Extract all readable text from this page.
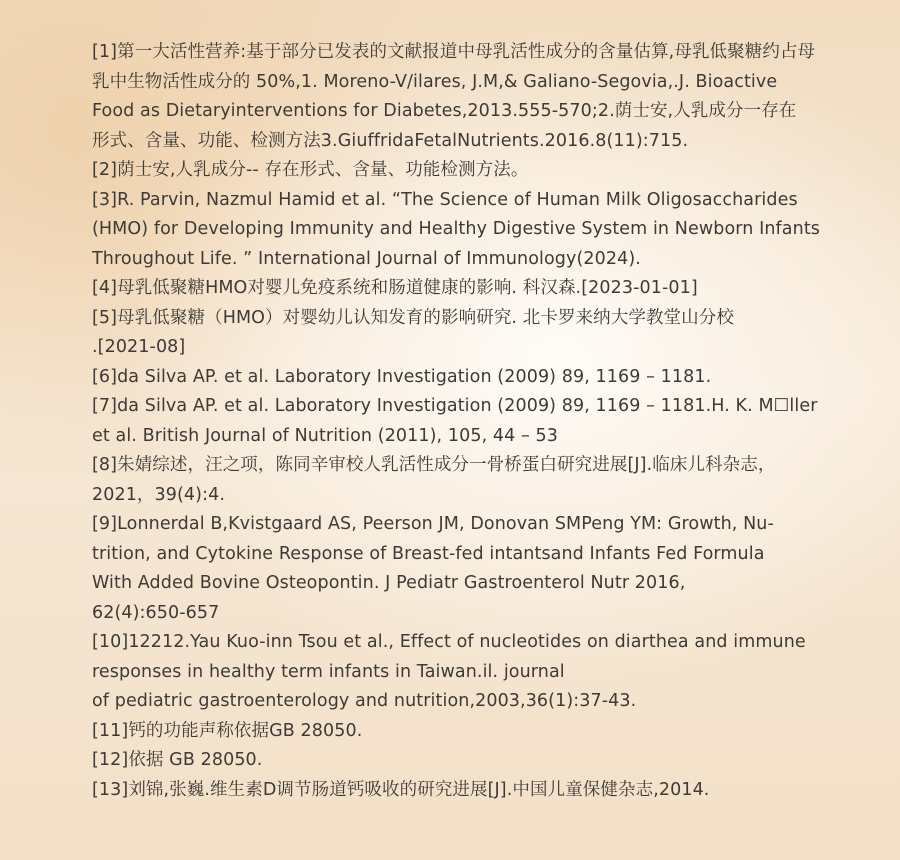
[1]第一大活性营养:基于部分已发表的文献报道中母乳活性成分的含量估算,母乳低聚糖约占母
乳中生物活性成分的 50%,1. Moreno-V/ilares, J.M,& Galiano-Segovia,.J. Bioactive
Food as Dietaryinterventions for Diabetes,2013.555-570;2.荫士安,人乳成分一存在
形式、含量、功能、检测方法3.GiuffridaFetalNutrients.2016.8(11):715.
[2]荫士安,人乳成分-- 存在形式、含量、功能检测方法。
[3]R. Parvin, Nazmul Hamid et al. “The Science of Human Milk Oligosaccharides
(HMO) for Developing Immunity and Healthy Digestive System in Newborn Infants
Throughout Life. ” International Journal of Immunology(2024).
[4]母乳低聚糖HMO对婴儿免疫系统和肠道健康的影响. 科汉森.[2023-01-01]
[5]母乳低聚糖（HMO）对婴幼儿认知发育的影响研究. 北卡罗来纳大学教堂山分校
.[2021-08]
[6]da Silva AP. et al. Laboratory Investigation (2009) 89, 1169 – 1181.
[7]da Silva AP. et al. Laboratory Investigation (2009) 89, 1169 – 1181.H. K. M☐ller
et al. British Journal of Nutrition (2011), 105, 44 – 53
[8]朱婧综述，汪之项，陈同辛审校人乳活性成分一骨桥蛋白研究进展[J].临床儿科杂志，
2021，39(4):4.
[9]Lonnerdal B,Kvistgaard AS, Peerson JM, Donovan SMPeng YM: Growth, Nu-
trition, and Cytokine Response of Breast-fed intantsand Infants Fed Formula
With Added Bovine Osteopontin. J Pediatr Gastroenterol Nutr 2016,
62(4):650-657
[10]12212.Yau Kuo-inn Tsou et al., Effect of nucleotides on diarthea and immune
responses in healthy term infants in Taiwan.il. journal
of pediatric gastroenterology and nutrition,2003,36(1):37-43.
[11]钙的功能声称依据GB 28050.
[12]依据 GB 28050.
[13]刘锦,张巍.维生素D调节肠道钙吸收的研究进展[J].中国儿童保健杂志,2014.
